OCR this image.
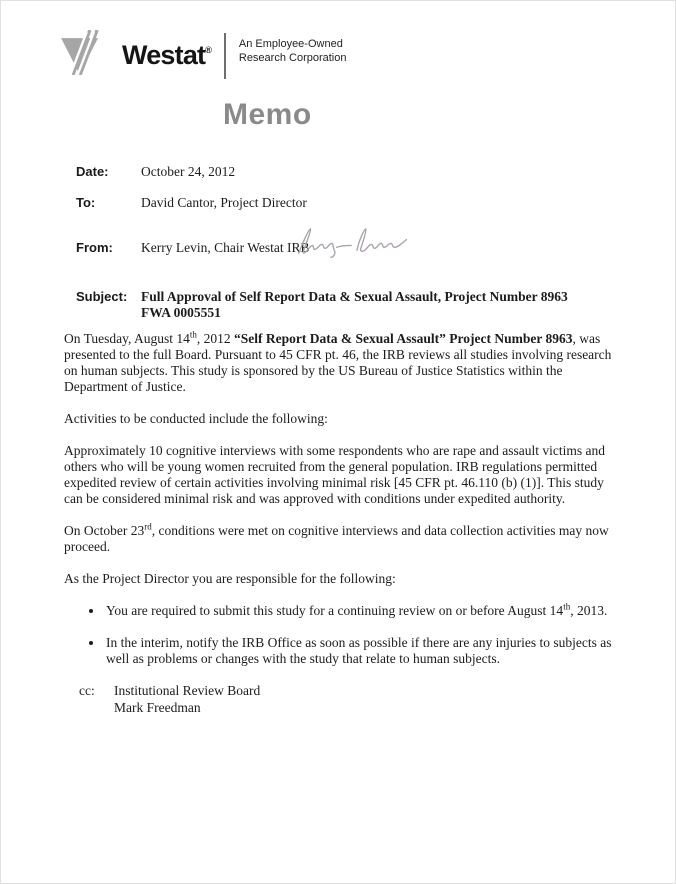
Westat® An Employee-Owned
Research Corporation
Memo
Date:	October 24, 2012
To:	David Cantor, Project Director
From:	Kerry Levin, Chair Westat IRB
Subject:	Full Approval of Self Report Data & Sexual Assault, Project Number 8963
FWA 0005551

On Tuesday, August 14th, 2012 “Self Report Data & Sexual Assault” Project Number 8963, was presented to the full Board. Pursuant to 45 CFR pt. 46, the IRB reviews all studies involving research on human subjects. This study is sponsored by the US Bureau of Justice Statistics within the Department of Justice.

Activities to be conducted include the following:

Approximately 10 cognitive interviews with some respondents who are rape and assault victims and others who will be young women recruited from the general population. IRB regulations permitted expedited review of certain activities involving minimal risk [45 CFR pt. 46.110 (b) (1)]. This study can be considered minimal risk and was approved with conditions under expedited authority.

On October 23rd, conditions were met on cognitive interviews and data collection activities may now proceed.

As the Project Director you are responsible for the following:

• You are required to submit this study for a continuing review on or before August 14th, 2013.
• In the interim, notify the IRB Office as soon as possible if there are any injuries to subjects as well as problems or changes with the study that relate to human subjects.
cc:	Institutional Review Board
Mark Freedman
